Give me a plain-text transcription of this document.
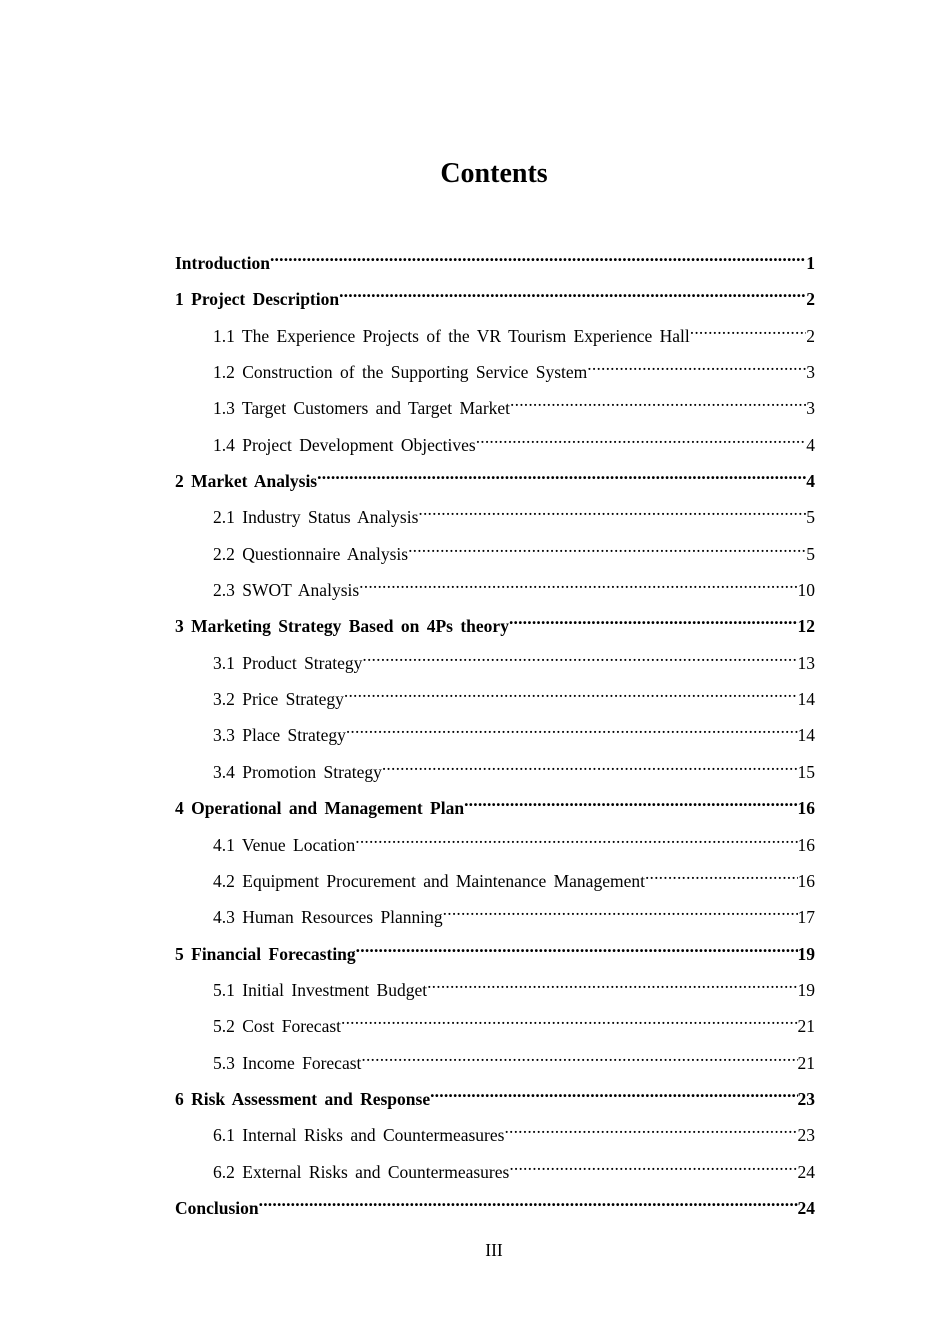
Contents
Introduction .....	1
1 Project Description .....	2
1.1 The Experience Projects of the VR Tourism Experience Hall .....	2
1.2 Construction of the Supporting Service System .....	3
1.3 Target Customers and Target Market .....	3
1.4 Project Development Objectives .....	4
2 Market Analysis .....	4
2.1 Industry Status Analysis .....	5
2.2 Questionnaire Analysis .....	5
2.3 SWOT Analysis .....	10
3 Marketing Strategy Based on 4Ps theory .....	12
3.1 Product Strategy .....	13
3.2 Price Strategy .....	14
3.3 Place Strategy .....	14
3.4 Promotion Strategy .....	15
4 Operational and Management Plan .....	16
4.1 Venue Location .....	16
4.2 Equipment Procurement and Maintenance Management .....	16
4.3 Human Resources Planning .....	17
5 Financial Forecasting .....	19
5.1 Initial Investment Budget .....	19
5.2 Cost Forecast .....	21
5.3 Income Forecast .....	21
6 Risk Assessment and Response .....	23
6.1 Internal Risks and Countermeasures .....	23
6.2 External Risks and Countermeasures .....	24
Conclusion .....	24
III
